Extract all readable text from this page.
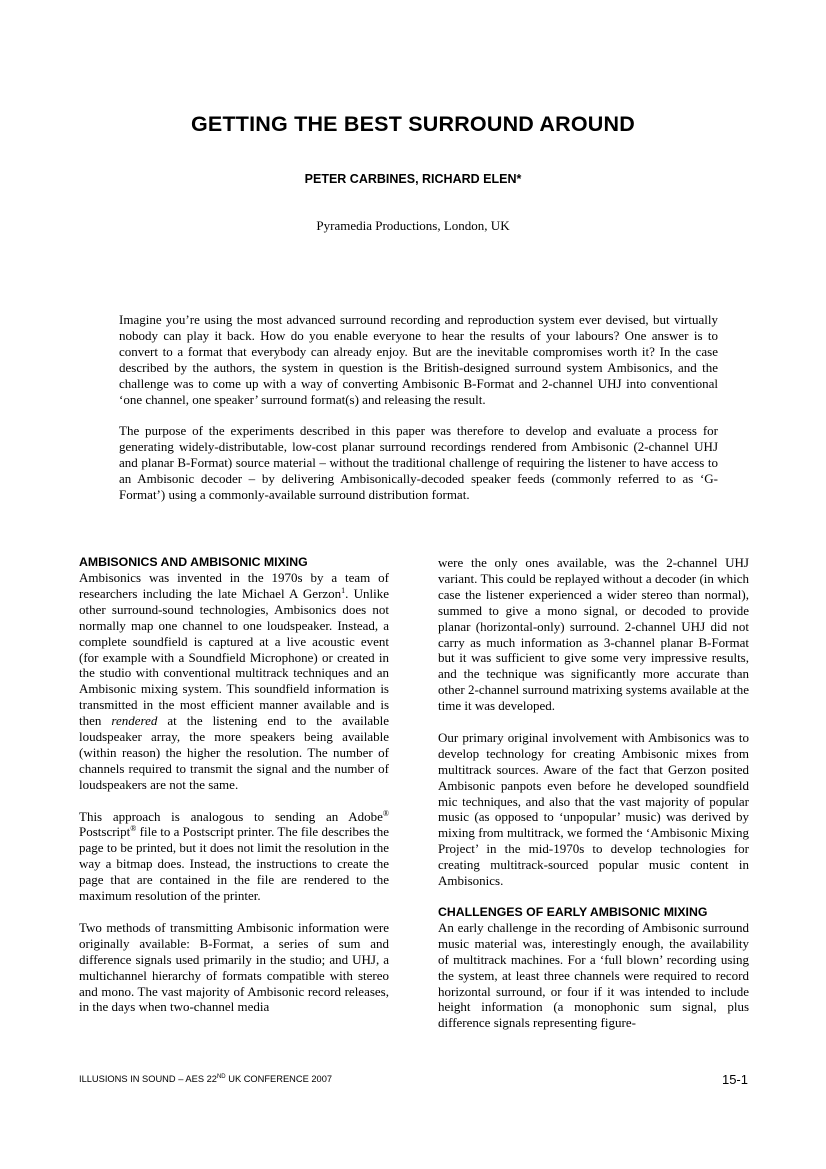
GETTING THE BEST SURROUND AROUND
PETER CARBINES, RICHARD ELEN*
Pyramedia Productions, London, UK

Imagine you’re using the most advanced surround recording and reproduction system ever devised, but virtually nobody can play it back. How do you enable everyone to hear the results of your labours? One answer is to convert to a format that everybody can already enjoy. But are the inevitable compromises worth it? In the case described by the authors, the system in question is the British-designed surround system Ambisonics, and the challenge was to come up with a way of converting Ambisonic B-Format and 2-channel UHJ into conventional ‘one channel, one speaker’ surround format(s) and releasing the result.

The purpose of the experiments described in this paper was therefore to develop and evaluate a process for generating widely-distributable, low-cost planar surround recordings rendered from Ambisonic (2-channel UHJ and planar B-Format) source material – without the traditional challenge of requiring the listener to have access to an Ambisonic decoder – by delivering Ambisonically-decoded speaker feeds (commonly referred to as ‘G-Format’) using a commonly-available surround distribution format.

AMBISONICS AND AMBISONIC MIXING

Ambisonics was invented in the 1970s by a team of researchers including the late Michael A Gerzon$^1$. Unlike other surround-sound technologies, Ambisonics does not normally map one channel to one loudspeaker. Instead, a complete soundfield is captured at a live acoustic event (for example with a Soundfield Microphone) or created in the studio with conventional multitrack techniques and an Ambisonic mixing system. This soundfield information is transmitted in the most efficient manner available and is then rendered at the listening end to the available loudspeaker array, the more speakers being available (within reason) the higher the resolution. The number of channels required to transmit the signal and the number of loudspeakers are not the same.

This approach is analogous to sending an Adobe® Postscript® file to a Postscript printer. The file describes the page to be printed, but it does not limit the resolution in the way a bitmap does. Instead, the instructions to create the page that are contained in the file are rendered to the maximum resolution of the printer.

Two methods of transmitting Ambisonic information were originally available: B-Format, a series of sum and difference signals used primarily in the studio; and UHJ, a multichannel hierarchy of formats compatible with stereo and mono. The vast majority of Ambisonic record releases, in the days when two-channel media

were the only ones available, was the 2-channel UHJ variant. This could be replayed without a decoder (in which case the listener experienced a wider stereo than normal), summed to give a mono signal, or decoded to provide planar (horizontal-only) surround. 2-channel UHJ did not carry as much information as 3-channel planar B-Format but it was sufficient to give some very impressive results, and the technique was significantly more accurate than other 2-channel surround matrixing systems available at the time it was developed.

Our primary original involvement with Ambisonics was to develop technology for creating Ambisonic mixes from multitrack sources. Aware of the fact that Gerzon posited Ambisonic panpots even before he developed soundfield mic techniques, and also that the vast majority of popular music (as opposed to ‘unpopular’ music) was derived by mixing from multitrack, we formed the ‘Ambisonic Mixing Project’ in the mid-1970s to develop technologies for creating multitrack-sourced popular music content in Ambisonics.

CHALLENGES OF EARLY AMBISONIC MIXING

An early challenge in the recording of Ambisonic surround music material was, interestingly enough, the availability of multitrack machines. For a ‘full blown’ recording using the system, at least three channels were required to record horizontal surround, or four if it was intended to include height information (a monophonic sum signal, plus difference signals representing figure-

ILLUSIONS IN SOUND – AES 22ND UK CONFERENCE 2007	15-1
